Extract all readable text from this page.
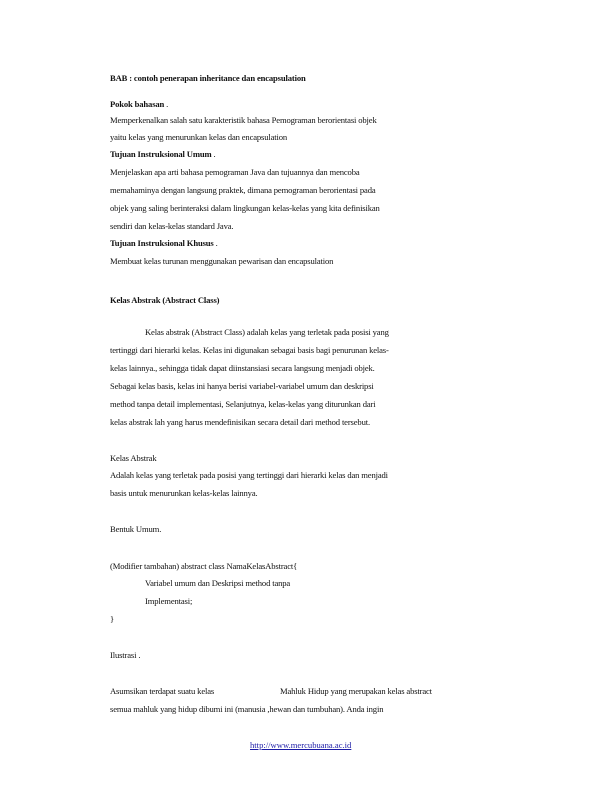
BAB : contoh penerapan inheritance dan encapsulation
Pokok bahasan .
Memperkenalkan salah satu karakteristik bahasa Pemograman berorientasi objek
yaitu kelas yang menurunkan kelas dan encapsulation
Tujuan Instruksional Umum .
Menjelaskan apa arti bahasa pemograman Java dan tujuannya dan mencoba
memahaminya dengan langsung praktek, dimana pemograman berorientasi pada
objek yang saling berinteraksi dalam lingkungan kelas-kelas yang kita definisikan
sendiri dan kelas-kelas standard Java.
Tujuan Instruksional Khusus .
Membuat kelas turunan menggunakan pewarisan dan encapsulation
Kelas Abstrak (Abstract Class)
Kelas abstrak (Abstract Class) adalah kelas yang terletak pada posisi yang
tertinggi dari hierarki kelas. Kelas ini digunakan sebagai basis bagi penurunan kelas-
kelas lainnya., sehingga tidak dapat diinstansiasi secara langsung menjadi objek.
Sebagai kelas basis, kelas ini hanya berisi variabel-variabel umum dan deskripsi
method tanpa detail implementasi, Selanjutnya, kelas-kelas yang diturunkan dari
kelas abstrak lah yang harus mendefinisikan secara detail dari method tersebut.
Kelas Abstrak
Adalah kelas yang terletak pada posisi yang tertinggi dari hierarki kelas dan menjadi
basis untuk menurunkan kelas-kelas lainnya.
Bentuk Umum.
(Modifier tambahan) abstract class NamaKelasAbstract{
Variabel umum dan Deskripsi method tanpa
Implementasi;
}
Ilustrasi .
Asumsikan terdapat suatu kelas	Mahluk Hidup yang merupakan kelas abstract
semua mahluk yang hidup dibumi ini (manusia ,hewan dan tumbuhan). Anda ingin
http://www.mercubuana.ac.id
